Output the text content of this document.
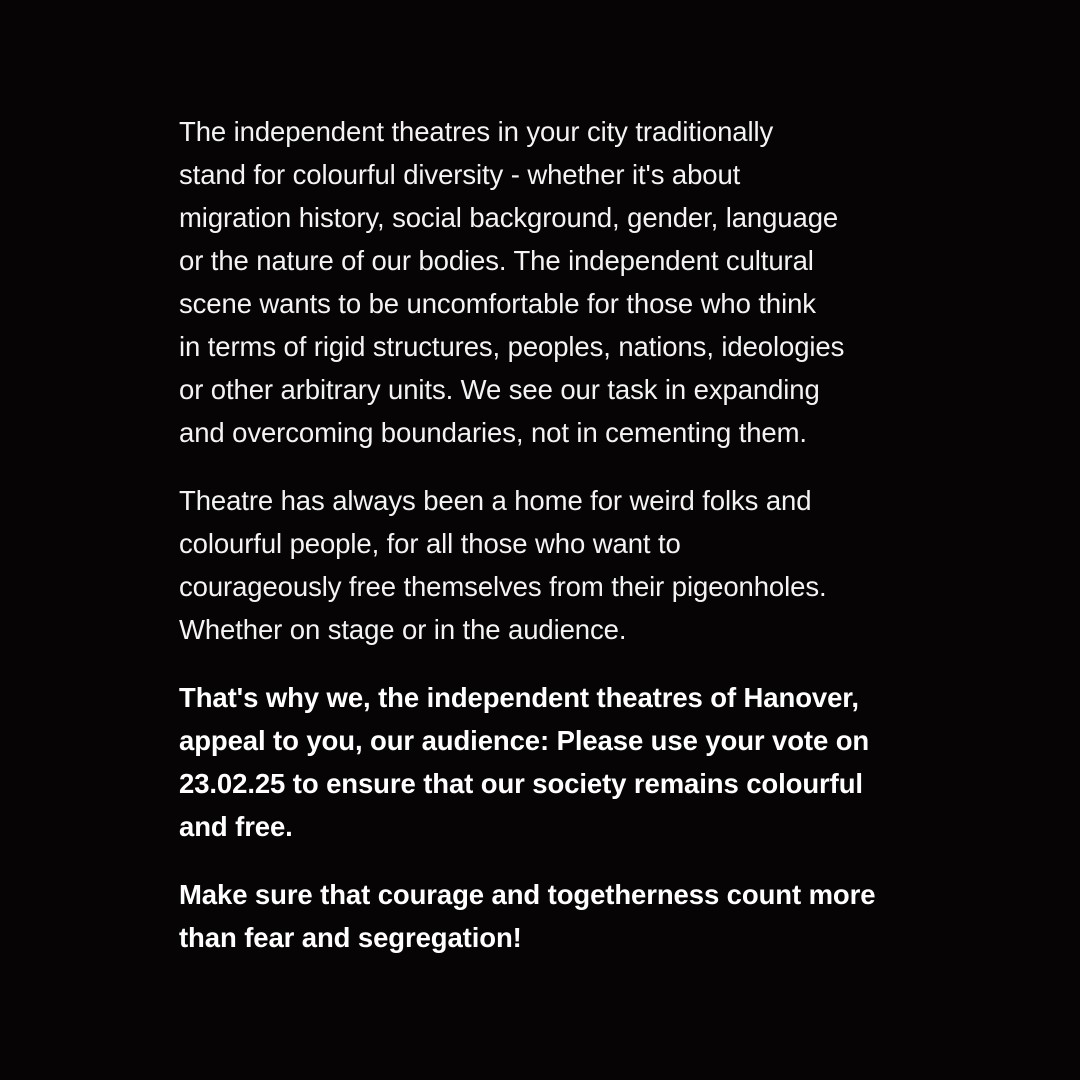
The independent theatres in your city traditionally
stand for colourful diversity - whether it's about
migration history, social background, gender, language
or the nature of our bodies. The independent cultural
scene wants to be uncomfortable for those who think
in terms of rigid structures, peoples, nations, ideologies
or other arbitrary units. We see our task in expanding
and overcoming boundaries, not in cementing them.

Theatre has always been a home for weird folks and
colourful people, for all those who want to
courageously free themselves from their pigeonholes.
Whether on stage or in the audience.

That's why we, the independent theatres of Hanover,
appeal to you, our audience: Please use your vote on
23.02.25 to ensure that our society remains colourful
and free.

Make sure that courage and togetherness count more
than fear and segregation!
